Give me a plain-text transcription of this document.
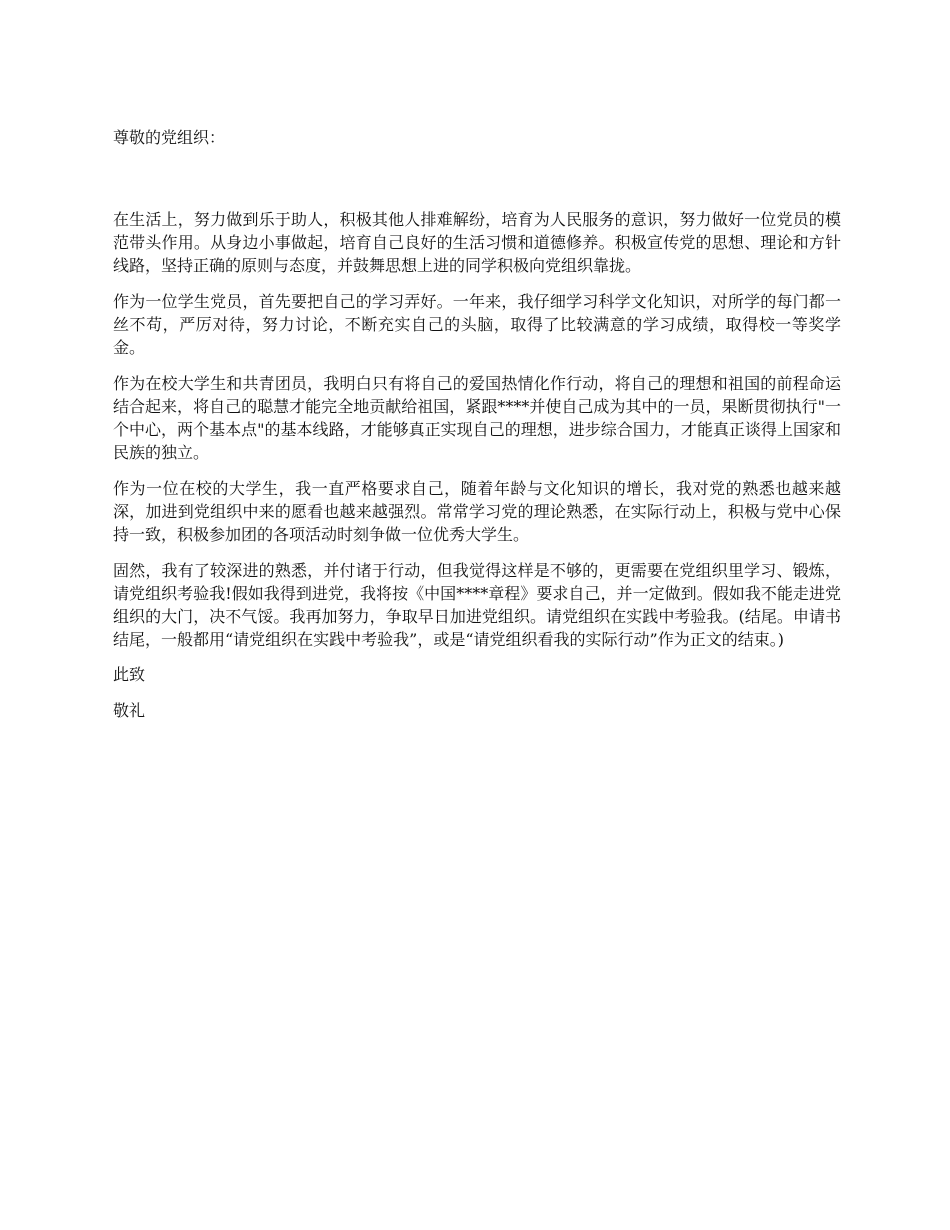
尊敬的党组织：
在生活上，努力做到乐于助人，积极其他人排难解纷，培育为人民服务的意识，努力做好一位党员的模范带头作用。从身边小事做起，培育自己良好的生活习惯和道德修养。积极宣传党的思想、理论和方针线路，坚持正确的原则与态度，并鼓舞思想上进的同学积极向党组织靠拢。
作为一位学生党员，首先要把自己的学习弄好。一年来，我仔细学习科学文化知识，对所学的每门都一丝不苟，严厉对待，努力讨论，不断充实自己的头脑，取得了比较满意的学习成绩，取得校一等奖学金。
作为在校大学生和共青团员，我明白只有将自己的爱国热情化作行动，将自己的理想和祖国的前程命运结合起来，将自己的聪慧才能完全地贡献给祖国，紧跟****并使自己成为其中的一员，果断贯彻执行"一个中心，两个基本点"的基本线路，才能够真正实现自己的理想，进步综合国力，才能真正谈得上国家和民族的独立。
作为一位在校的大学生，我一直严格要求自己，随着年龄与文化知识的增长，我对党的熟悉也越来越深，加进到党组织中来的愿看也越来越强烈。常常学习党的理论熟悉，在实际行动上，积极与党中心保持一致，积极参加团的各项活动时刻争做一位优秀大学生。
固然，我有了较深进的熟悉，并付诸于行动，但我觉得这样是不够的，更需要在党组织里学习、锻炼，请党组织考验我!假如我得到进党，我将按《中国****章程》要求自己，并一定做到。假如我不能走进党组织的大门，决不气馁。我再加努力，争取早日加进党组织。请党组织在实践中考验我。(结尾。申请书结尾，一般都用“请党组织在实践中考验我”，或是“请党组织看我的实际行动”作为正文的结束。)
此致
敬礼
